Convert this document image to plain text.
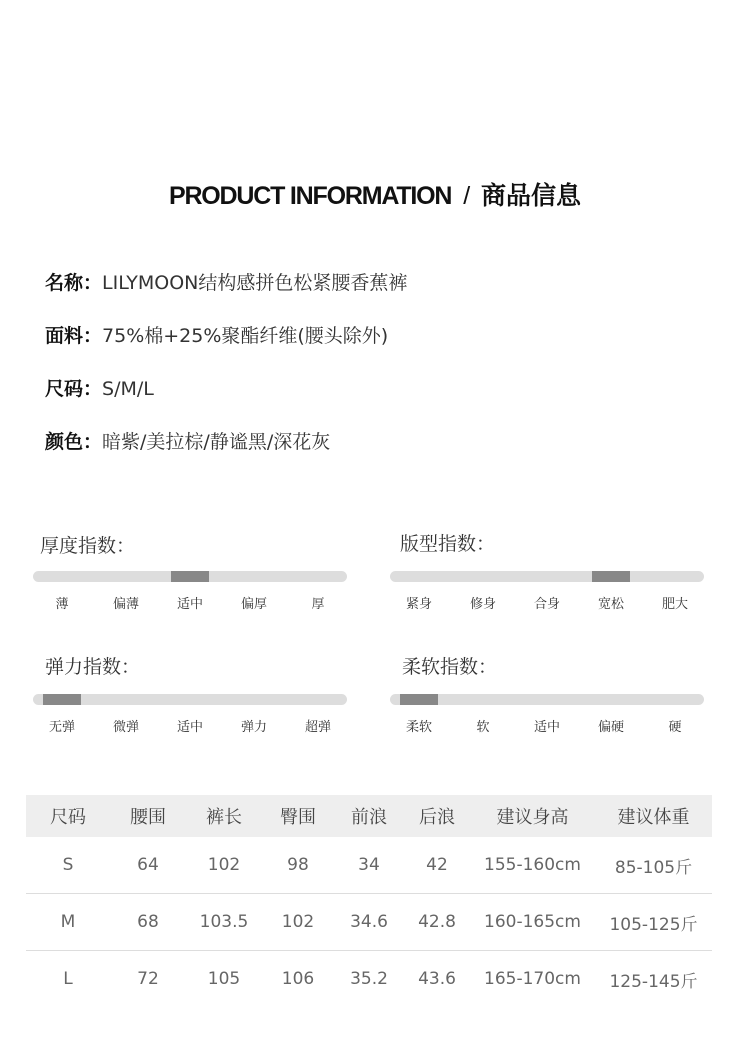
PRODUCT INFORMATION / 商品信息
名称：LILYMOON结构感拼色松紧腰香蕉裤
面料：75%棉+25%聚酯纤维(腰头除外)
尺码：S/M/L
颜色：暗紫/美拉棕/静谧黑/深花灰
厚度指数：
薄	偏薄	适中	偏厚	厚
版型指数：
紧身	修身	合身	宽松	肥大
弹力指数：
无弹	微弹	适中	弹力	超弹
柔软指数：
柔软	软	适中	偏硬	硬
尺码	腰围	裤长	臀围	前浪	后浪	建议身高	建议体重
S	64	102	98	34	42	155-160cm	85-105斤
M	68	103.5	102	34.6	42.8	160-165cm	105-125斤
L	72	105	106	35.2	43.6	165-170cm	125-145斤
